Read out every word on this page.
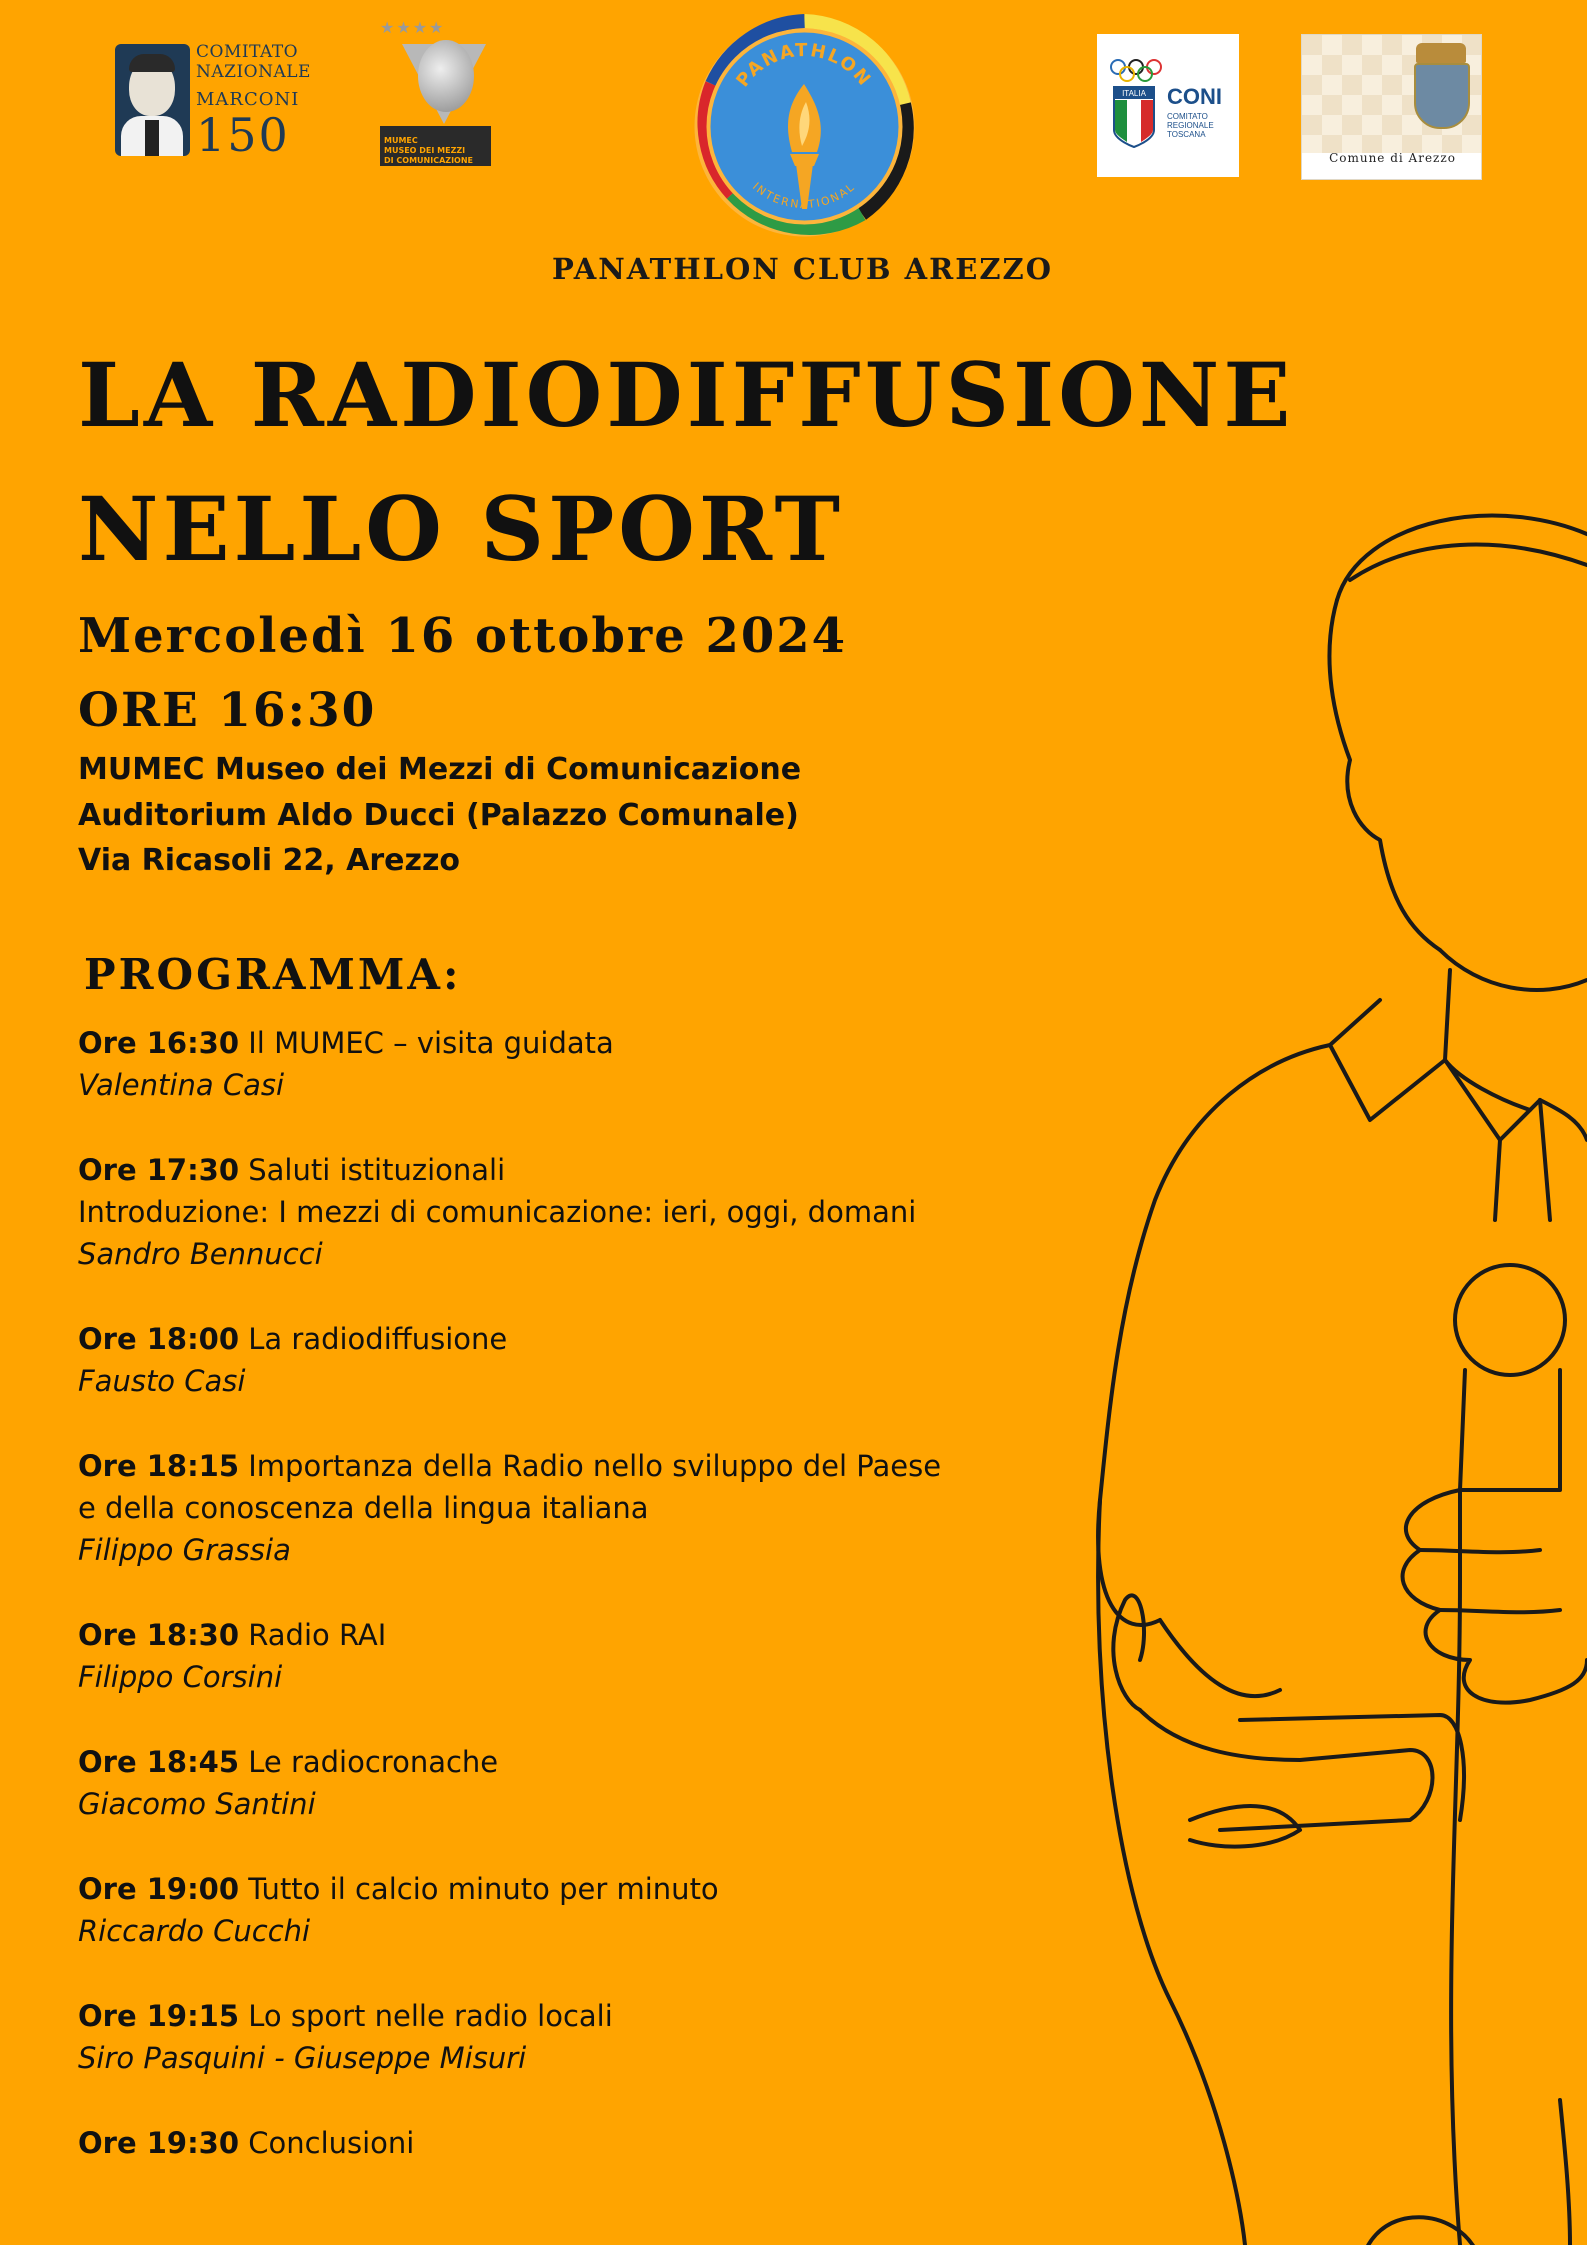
COMITATO
NAZIONALE
MARCONI
150
★★★★
MUMEC
MUSEO DEI MEZZI
DI COMUNICAZIONE
PANATHLON
INTERNATIONAL
PANATHLON CLUB AREZZO
ITALIA CONI
COMITATO
REGIONALE
TOSCANA
Comune di Arezzo
LA RADIODIFFUSIONE
NELLO SPORT
Mercoledì 16 ottobre 2024
ORE 16:30
MUMEC Museo dei Mezzi di Comunicazione
Auditorium Aldo Ducci (Palazzo Comunale)
Via Ricasoli 22, Arezzo
PROGRAMMA:
Ore 16:30 Il MUMEC – visita guidata
Valentina Casi
Ore 17:30 Saluti istituzionali
Introduzione: I mezzi di comunicazione: ieri, oggi, domani
Sandro Bennucci
Ore 18:00 La radiodiffusione
Fausto Casi
Ore 18:15 Importanza della Radio nello sviluppo del Paese
e della conoscenza della lingua italiana
Filippo Grassia
Ore 18:30 Radio RAI
Filippo Corsini
Ore 18:45 Le radiocronache
Giacomo Santini
Ore 19:00 Tutto il calcio minuto per minuto
Riccardo Cucchi
Ore 19:15 Lo sport nelle radio locali
Siro Pasquini - Giuseppe Misuri
Ore 19:30 Conclusioni
